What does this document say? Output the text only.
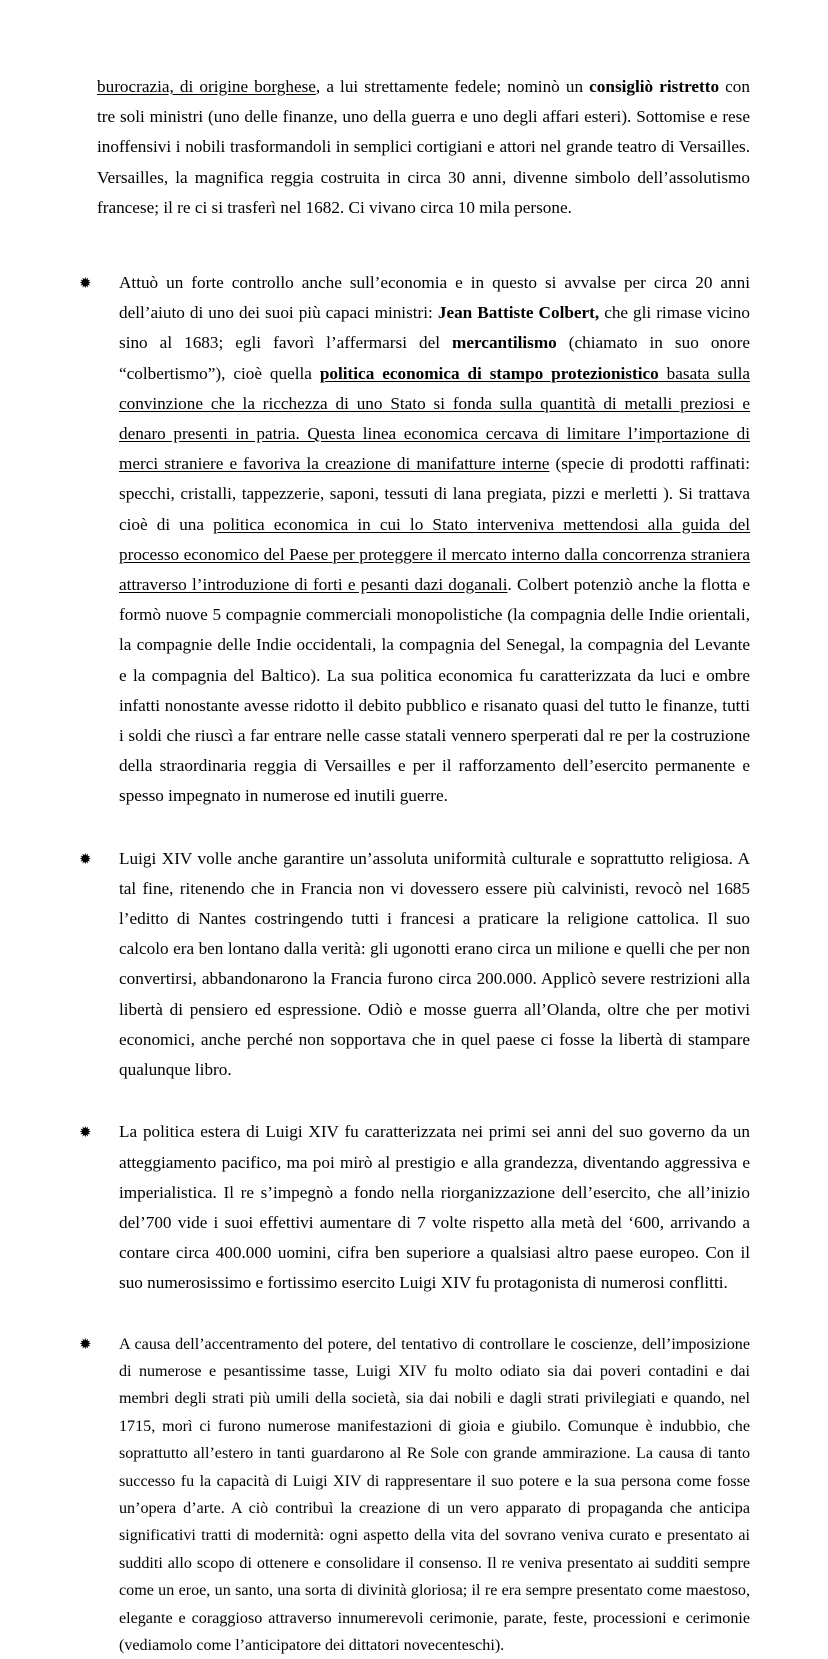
burocrazia, di origine borghese, a lui strettamente fedele; nominò un consigliò ristretto con tre soli ministri (uno delle finanze, uno della guerra e uno degli affari esteri). Sottomise e rese inoffensivi i nobili trasformandoli in semplici cortigiani e attori nel grande teatro di Versailles. Versailles, la magnifica reggia costruita in circa 30 anni, divenne simbolo dell’assolutismo francese; il re ci si trasferì nel 1682. Ci vivano circa 10 mila persone.

✹ Attuò un forte controllo anche sull’economia e in questo si avvalse per circa 20 anni dell’aiuto di uno dei suoi più capaci ministri: Jean Battiste Colbert, che gli rimase vicino sino al 1683; egli favorì l’affermarsi del mercantilismo (chiamato in suo onore “colbertismo”), cioè quella politica economica di stampo protezionistico basata sulla convinzione che la ricchezza di uno Stato si fonda sulla quantità di metalli preziosi e denaro presenti in patria. Questa linea economica cercava di limitare l’importazione di merci straniere e favoriva la creazione di manifatture interne (specie di prodotti raffinati: specchi, cristalli, tappezzerie, saponi, tessuti di lana pregiata, pizzi e merletti ). Si trattava cioè di una politica economica in cui lo Stato interveniva mettendosi alla guida del processo economico del Paese per proteggere il mercato interno dalla concorrenza straniera attraverso l’introduzione di forti e pesanti dazi doganali. Colbert potenziò anche la flotta e formò nuove 5 compagnie commerciali monopolistiche (la compagnia delle Indie orientali, la compagnie delle Indie occidentali, la compagnia del Senegal, la compagnia del Levante e la compagnia del Baltico). La sua politica economica fu caratterizzata da luci e ombre infatti nonostante avesse ridotto il debito pubblico e risanato quasi del tutto le finanze, tutti i soldi che riuscì a far entrare nelle casse statali vennero sperperati dal re per la costruzione della straordinaria reggia di Versailles e per il rafforzamento dell’esercito permanente e spesso impegnato in numerose ed inutili guerre.
✹ Luigi XIV volle anche garantire un’assoluta uniformità culturale e soprattutto religiosa. A tal fine, ritenendo che in Francia non vi dovessero essere più calvinisti, revocò nel 1685 l’editto di Nantes costringendo tutti i francesi a praticare la religione cattolica. Il suo calcolo era ben lontano dalla verità: gli ugonotti erano circa un milione e quelli che per non convertirsi, abbandonarono la Francia furono circa 200.000. Applicò severe restrizioni alla libertà di pensiero ed espressione. Odiò e mosse guerra all’Olanda, oltre che per motivi economici, anche perché non sopportava che in quel paese ci fosse la libertà di stampare qualunque libro.
✹ La politica estera di Luigi XIV fu caratterizzata nei primi sei anni del suo governo da un atteggiamento pacifico, ma poi mirò al prestigio e alla grandezza, diventando aggressiva e imperialistica. Il re s’impegnò a fondo nella riorganizzazione dell’esercito, che all’inizio del’700 vide i suoi effettivi aumentare di 7 volte rispetto alla metà del ‘600, arrivando a contare circa 400.000 uomini, cifra ben superiore a qualsiasi altro paese europeo. Con il suo numerosissimo e fortissimo esercito Luigi XIV fu protagonista di numerosi conflitti.
✹ A causa dell’accentramento del potere, del tentativo di controllare le coscienze, dell’imposizione di numerose e pesantissime tasse, Luigi XIV fu molto odiato sia dai poveri contadini e dai membri degli strati più umili della società, sia dai nobili e dagli strati privilegiati e quando, nel 1715, morì ci furono numerose manifestazioni di gioia e giubilo. Comunque è indubbio, che soprattutto all’estero in tanti guardarono al Re Sole con grande ammirazione. La causa di tanto successo fu la capacità di Luigi XIV di rappresentare il suo potere e la sua persona come fosse un’opera d’arte. A ciò contribuì la creazione di un vero apparato di propaganda che anticipa significativi tratti di modernità: ogni aspetto della vita del sovrano veniva curato e presentato ai sudditi allo scopo di ottenere e consolidare il consenso. Il re veniva presentato ai sudditi sempre come un eroe, un santo, una sorta di divinità gloriosa; il re era sempre presentato come maestoso, elegante e coraggioso attraverso innumerevoli cerimonie, parate, feste, processioni e cerimonie (vediamolo come l’anticipatore dei dittatori novecenteschi).
